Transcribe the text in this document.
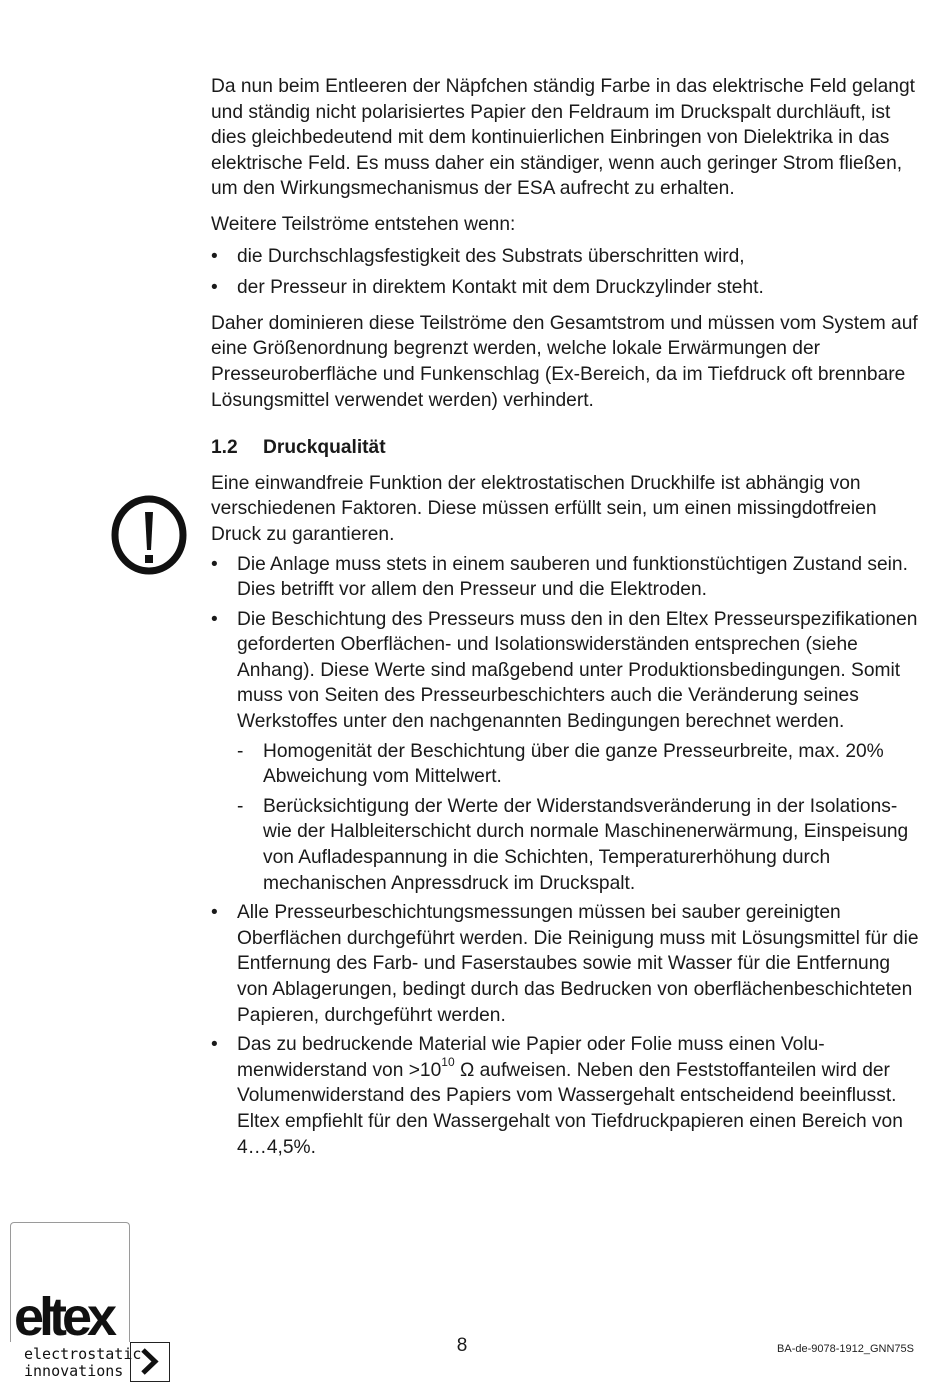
Da nun beim Entleeren der Näpfchen ständig Farbe in das elektrische Feld gelangt und ständig nicht polarisiertes Papier den Feldraum im Druckspalt durchläuft, ist dies gleichbedeutend mit dem kontinuierlichen Einbringen von Dielektrika in das elektrische Feld. Es muss daher ein ständiger, wenn auch geringer Strom fließen, um den Wirkungsmechanismus der ESA aufrecht zu erhalten.

Weitere Teilströme entstehen wenn:

• die Durchschlagsfestigkeit des Substrats überschritten wird,
• der Presseur in direktem Kontakt mit dem Druckzylinder steht.

Daher dominieren diese Teilströme den Gesamtstrom und müssen vom System auf eine Größenordnung begrenzt werden, welche lokale Erwärmungen der Presseuroberfläche und Funkenschlag (Ex-Bereich, da im Tiefdruck oft brennbare Lösungsmittel verwendet werden) verhindert.

1.2 Druckqualität

Eine einwandfreie Funktion der elektrostatischen Druckhilfe ist abhängig von verschiedenen Faktoren. Diese müssen erfüllt sein, um einen missingdotfreien Druck zu garantieren.

• Die Anlage muss stets in einem sauberen und funktionstüchtigen Zustand sein. Dies betrifft vor allem den Presseur und die Elektroden.
• Die Beschichtung des Presseurs muss den in den Eltex Presseurspezifikationen geforderten Oberflächen- und Isolationswiderständen entsprechen (siehe Anhang). Diese Werte sind maßgebend unter Produktionsbedingungen. Somit muss von Seiten des Presseurbeschichters auch die Veränderung seines Werkstoffes unter den nachgenannten Bedingungen berechnet werden.
- Homogenität der Beschichtung über die ganze Presseurbreite, max. 20% Abweichung vom Mittelwert.
- Berücksichtigung der Werte der Widerstandsveränderung in der Isolations- wie der Halbleiterschicht durch normale Maschinenerwärmung, Einspeisung von Aufladespannung in die Schichten, Temperaturerhöhung durch mechanischen Anpressdruck im Druckspalt.
• Alle Presseurbeschichtungsmessungen müssen bei sauber gereinigten Oberflächen durchgeführt werden. Die Reinigung muss mit Lösungsmittel für die Entfernung des Farb- und Faserstaubes sowie mit Wasser für die Entfernung von Ablagerungen, bedingt durch das Bedrucken von oberflächenbeschichteten Papieren, durchgeführt werden.
• Das zu bedruckende Material wie Papier oder Folie muss einen Volumenwiderstand von $>10^{10}$ Ω aufweisen. Neben den Feststoffanteilen wird der Volumenwiderstand des Papiers vom Wassergehalt entscheidend beeinflusst. Eltex empfiehlt für den Wassergehalt von Tiefdruckpapieren einen Bereich von 4…4,5%.
eltex
electrostatic
innovations
8	BA-de-9078-1912_GNN75S
